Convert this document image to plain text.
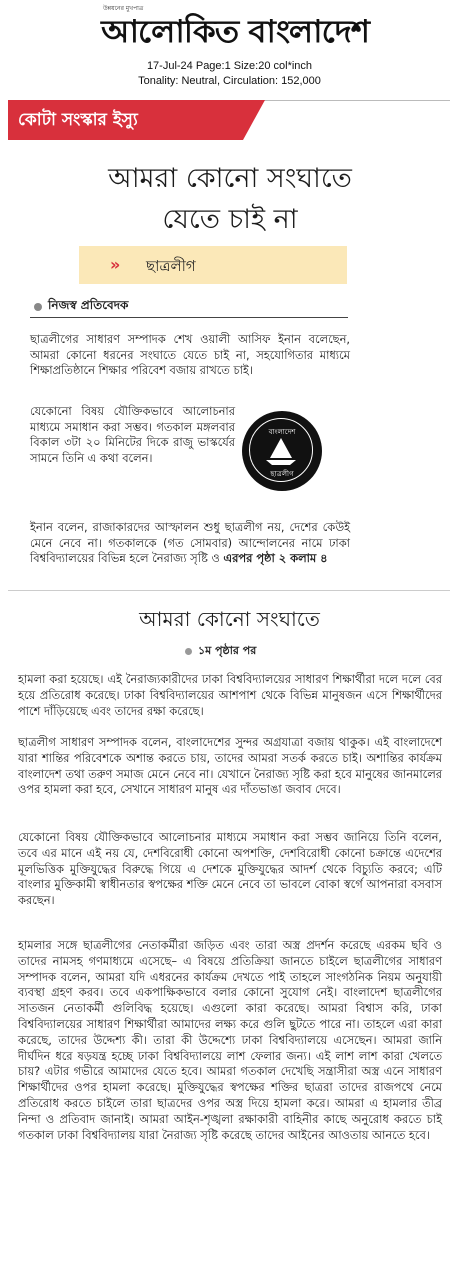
উন্নয়নের মুখপাত্র
আলোকিত বাংলাদেশ
17-Jul-24 Page:1 Size:20 col*inch
Tonality: Neutral, Circulation: 152,000
কোটা সংস্কার ইস্যু
আমরা কোনো সংঘাতে
যেতে চাই না
» ছাত্রলীগ
নিজস্ব প্রতিবেদক
ছাত্রলীগের সাধারণ সম্পাদক শেখ ওয়ালী আসিফ ইনান বলেছেন, আমরা কোনো ধরনের সংঘাতে যেতে চাই না, সহযোগিতার মাধ্যমে শিক্ষাপ্রতিষ্ঠানে শিক্ষার পরিবেশ বজায় রাখতে চাই।
যেকোনো বিষয় যৌক্তিকভাবে আলোচনার মাধ্যমে সমাধান করা সম্ভব। গতকাল মঙ্গলবার বিকাল ৩টা ২০ মিনিটের দিকে রাজু ভাস্কর্যের সামনে তিনি এ কথা বলেন।
বাংলাদেশ
ছাত্রলীগ
ইনান বলেন, রাজাকারদের আস্ফালন শুধু ছাত্রলীগ নয়, দেশের কেউই মেনে নেবে না। গতকালকে (গত সোমবার) আন্দোলনের নামে ঢাকা বিশ্ববিদ্যালয়ের বিভিন্ন হলে নৈরাজ্য সৃষ্টি ও এরপর পৃষ্ঠা ২ কলাম ৪
আমরা কোনো সংঘাতে
১ম পৃষ্ঠার পর
হামলা করা হয়েছে। এই নৈরাজ্যকারীদের ঢাকা বিশ্ববিদ্যালয়ের সাধারণ শিক্ষার্থীরা দলে দলে বের হয়ে প্রতিরোধ করেছে। ঢাকা বিশ্ববিদ্যালয়ের আশপাশ থেকে বিভিন্ন মানুষজন এসে শিক্ষার্থীদের পাশে দাঁড়িয়েছে এবং তাদের রক্ষা করেছে।
ছাত্রলীগ সাধারণ সম্পাদক বলেন, বাংলাদেশের সুন্দর অগ্রযাত্রা বজায় থাকুক। এই বাংলাদেশে যারা শান্তির পরিবেশকে অশান্ত করতে চায়, তাদের আমরা সতর্ক করতে চাই। অশান্তির কার্যক্রম বাংলাদেশ তথা তরুণ সমাজ মেনে নেবে না। যেখানে নৈরাজ্য সৃষ্টি করা হবে মানুষের জানমালের ওপর হামলা করা হবে, সেখানে সাধারণ মানুষ এর দাঁতভাঙা জবাব দেবে।
যেকোনো বিষয় যৌক্তিকভাবে আলোচনার মাধ্যমে সমাধান করা সম্ভব জানিয়ে তিনি বলেন, তবে এর মানে এই নয় যে, দেশবিরোধী কোনো অপশক্তি, দেশবিরোধী কোনো চক্রান্তে এদেশের মূলভিত্তিক মুক্তিযুদ্ধের বিরুদ্ধে গিয়ে এ দেশকে মুক্তিযুদ্ধের আদর্শ থেকে বিচ্যুতি করবে; এটি বাংলার মুক্তিকামী স্বাধীনতার স্বপক্ষের শক্তি মেনে নেবে তা ভাবলে বোকা স্বর্গে আপনারা বসবাস করছেন।
হামলার সঙ্গে ছাত্রলীগের নেতাকর্মীরা জড়িত এবং তারা অস্ত্র প্রদর্শন করেছে এরকম ছবি ও তাদের নামসহ গণমাধ্যমে এসেছে– এ বিষয়ে প্রতিক্রিয়া জানতে চাইলে ছাত্রলীগের সাধারণ সম্পাদক বলেন, আমরা যদি এধরনের কার্যক্রম দেখতে পাই তাহলে সাংগঠনিক নিয়ম অনুযায়ী ব্যবস্থা গ্রহণ করব। তবে একপাক্ষিকভাবে বলার কোনো সুযোগ নেই। বাংলাদেশ ছাত্রলীগের সাতজন নেতাকর্মী গুলিবিদ্ধ হয়েছে। এগুলো কারা করেছে। আমরা বিশ্বাস করি, ঢাকা বিশ্ববিদ্যালয়ের সাধারণ শিক্ষার্থীরা আমাদের লক্ষ্য করে গুলি ছুটতে পারে না। তাহলে এরা কারা করেছে, তাদের উদ্দেশ্য কী। তারা কী উদ্দেশ্যে ঢাকা বিশ্ববিদ্যালয়ে এসেছেন। আমরা জানি দীর্ঘদিন ধরে ষড়যন্ত্র হচ্ছে ঢাকা বিশ্ববিদ্যালয়ে লাশ ফেলার জন্য। এই লাশ লাশ কারা খেলতে চায়? এটার গভীরে আমাদের যেতে হবে। আমরা গতকাল দেখেছি সন্ত্রাসীরা অস্ত্র এনে সাধারণ শিক্ষার্থীদের ওপর হামলা করেছে। মুক্তিযুদ্ধের স্বপক্ষের শক্তির ছাত্ররা তাদের রাজপথে নেমে প্রতিরোধ করতে চাইলে তারা ছাত্রদের ওপর অস্ত্র দিয়ে হামলা করে। আমরা এ হামলার তীব্র নিন্দা ও প্রতিবাদ জানাই। আমরা আইন-শৃঙ্খলা রক্ষাকারী বাহিনীর কাছে অনুরোধ করতে চাই গতকাল ঢাকা বিশ্ববিদ্যালয় যারা নৈরাজ্য সৃষ্টি করেছে তাদের আইনের আওতায় আনতে হবে।
